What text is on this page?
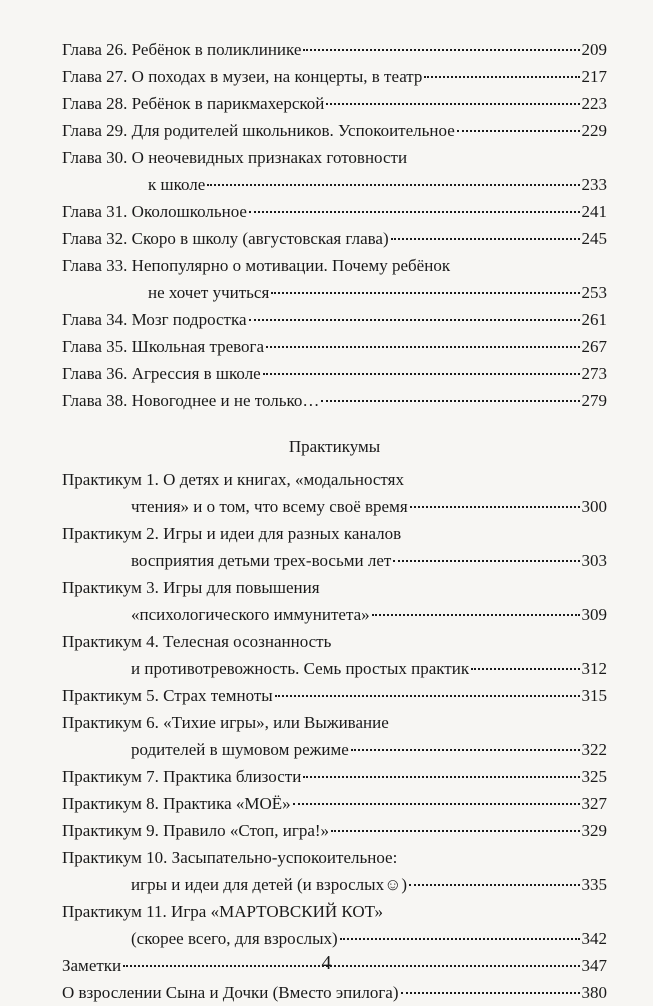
Глава 26. Ребёнок в поликлинике	209
Глава 27. О походах в музеи, на концерты, в театр	217
Глава 28. Ребёнок в парикмахерской	223
Глава 29. Для родителей школьников. Успокоительное	229
Глава 30. О неочевидных признаках готовности
к школе	233
Глава 31. Околошкольное	241
Глава 32. Скоро в школу (августовская глава)	245
Глава 33. Непопулярно о мотивации. Почему ребёнок
не хочет учиться	253
Глава 34. Мозг подростка	261
Глава 35. Школьная тревога	267
Глава 36. Агрессия в школе	273
Глава 38. Новогоднее и не только…	279
Практикумы
Практикум 1. О детях и книгах, «модальностях
чтения» и о том, что всему своё время	300
Практикум 2. Игры и идеи для разных каналов
восприятия детьми трех-восьми лет	303
Практикум 3. Игры для повышения
«психологического иммунитета»	309
Практикум 4. Телесная осознанность
и противотревожность. Семь простых практик	312
Практикум 5. Страх темноты	315
Практикум 6. «Тихие игры», или Выживание
родителей в шумовом режиме	322
Практикум 7. Практика близости	325
Практикум 8. Практика «МОЁ»	327
Практикум 9. Правило «Стоп, игра!»	329
Практикум 10. Засыпательно-успокоительное:
игры и идеи для детей (и взрослых☺)	335
Практикум 11. Игра «МАРТОВСКИЙ КОТ»
(скорее всего, для взрослых)	342
Заметки	347
О взрослении Сына и Дочки (Вместо эпилога)	380
4
